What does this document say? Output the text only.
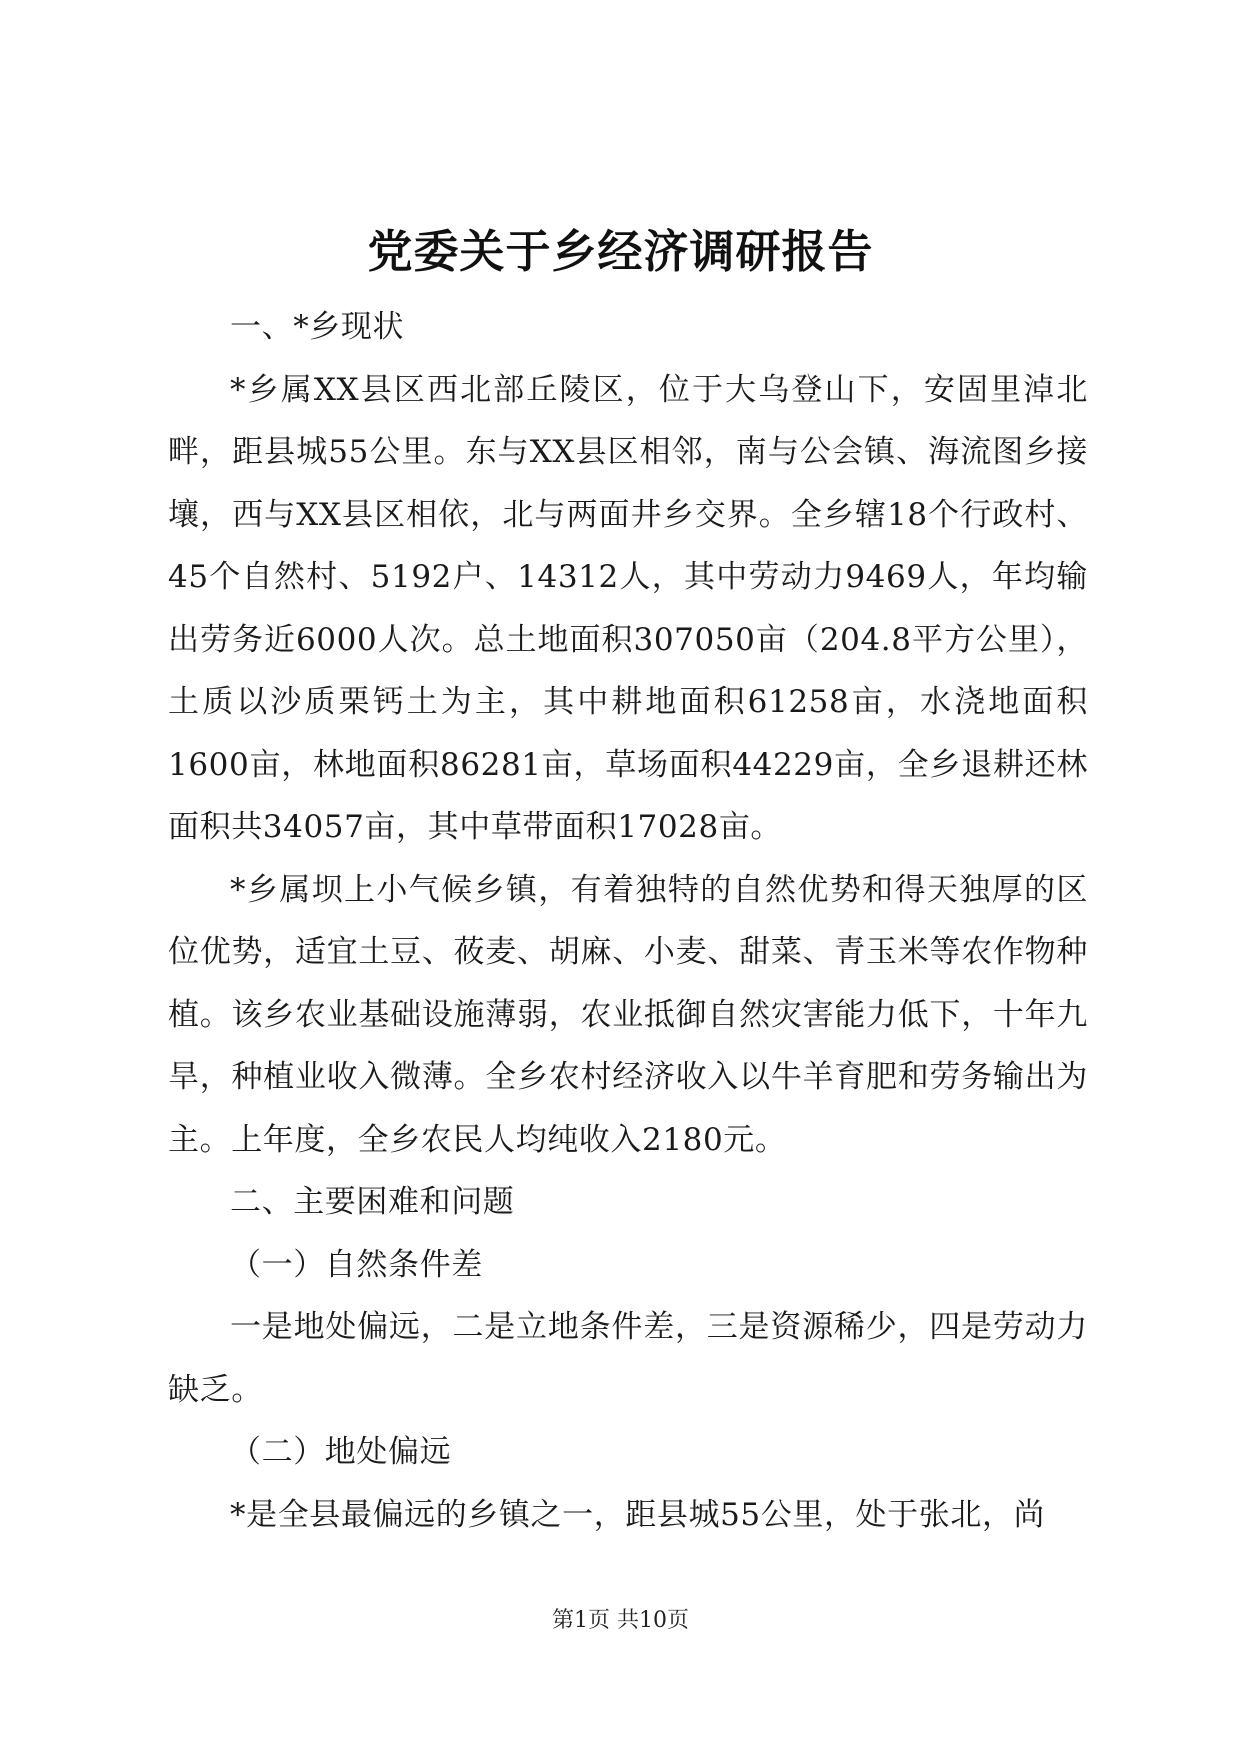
党委关于乡经济调研报告

一、*乡现状

*乡属XX县区西北部丘陵区，位于大乌登山下，安固里淖北畔，距县城55公里。东与XX县区相邻，南与公会镇、海流图乡接壤，西与XX县区相依，北与两面井乡交界。全乡辖18个行政村、45个自然村、5192户、14312人，其中劳动力9469人，年均输出劳务近6000人次。总土地面积307050亩（204.8平方公里），土质以沙质栗钙土为主，其中耕地面积61258亩，水浇地面积1600亩，林地面积86281亩，草场面积44229亩，全乡退耕还林面积共34057亩，其中草带面积17028亩。

*乡属坝上小气候乡镇，有着独特的自然优势和得天独厚的区位优势，适宜土豆、莜麦、胡麻、小麦、甜菜、青玉米等农作物种植。该乡农业基础设施薄弱，农业抵御自然灾害能力低下，十年九旱，种植业收入微薄。全乡农村经济收入以牛羊育肥和劳务输出为主。上年度，全乡农民人均纯收入2180元。

二、主要困难和问题

（一）自然条件差

一是地处偏远，二是立地条件差，三是资源稀少，四是劳动力缺乏。

（二）地处偏远

*是全县最偏远的乡镇之一，距县城55公里，处于张北，尚

第1页 共10页
